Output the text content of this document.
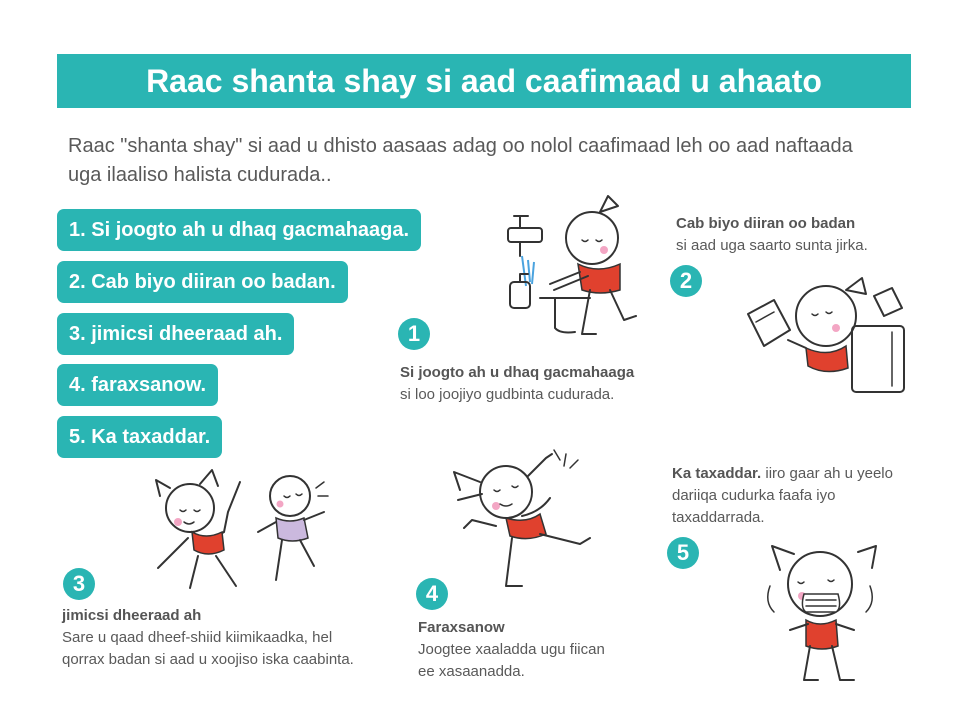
Raac shanta shay si aad caafimaad u ahaato
Raac "shanta shay" si aad u dhisto aasaas adag oo nolol caafimaad leh oo aad naftaada uga ilaaliso halista cudurada..
1. Si joogto ah u dhaq gacmahaaga.
2. Cab biyo diiran oo badan.
3. jimicsi dheeraad ah.
4. faraxsanow.
5. Ka taxaddar.
1
Si joogto ah u dhaq gacmahaaga
si loo joojiyo gudbinta cudurada.
2
Cab biyo diiran oo badan
si aad uga saarto sunta jirka.
3
jimicsi dheeraad ah
Sare u qaad dheef-shiid kiimikaadka, hel qorrax badan si aad u xoojiso iska caabinta.
4
Faraxsanow
Joogtee xaaladda ugu fiican ee xasaanadda.
5
Ka taxaddar. iiro gaar ah u yeelo dariiqa cudurka faafa iyo taxaddarrada.
